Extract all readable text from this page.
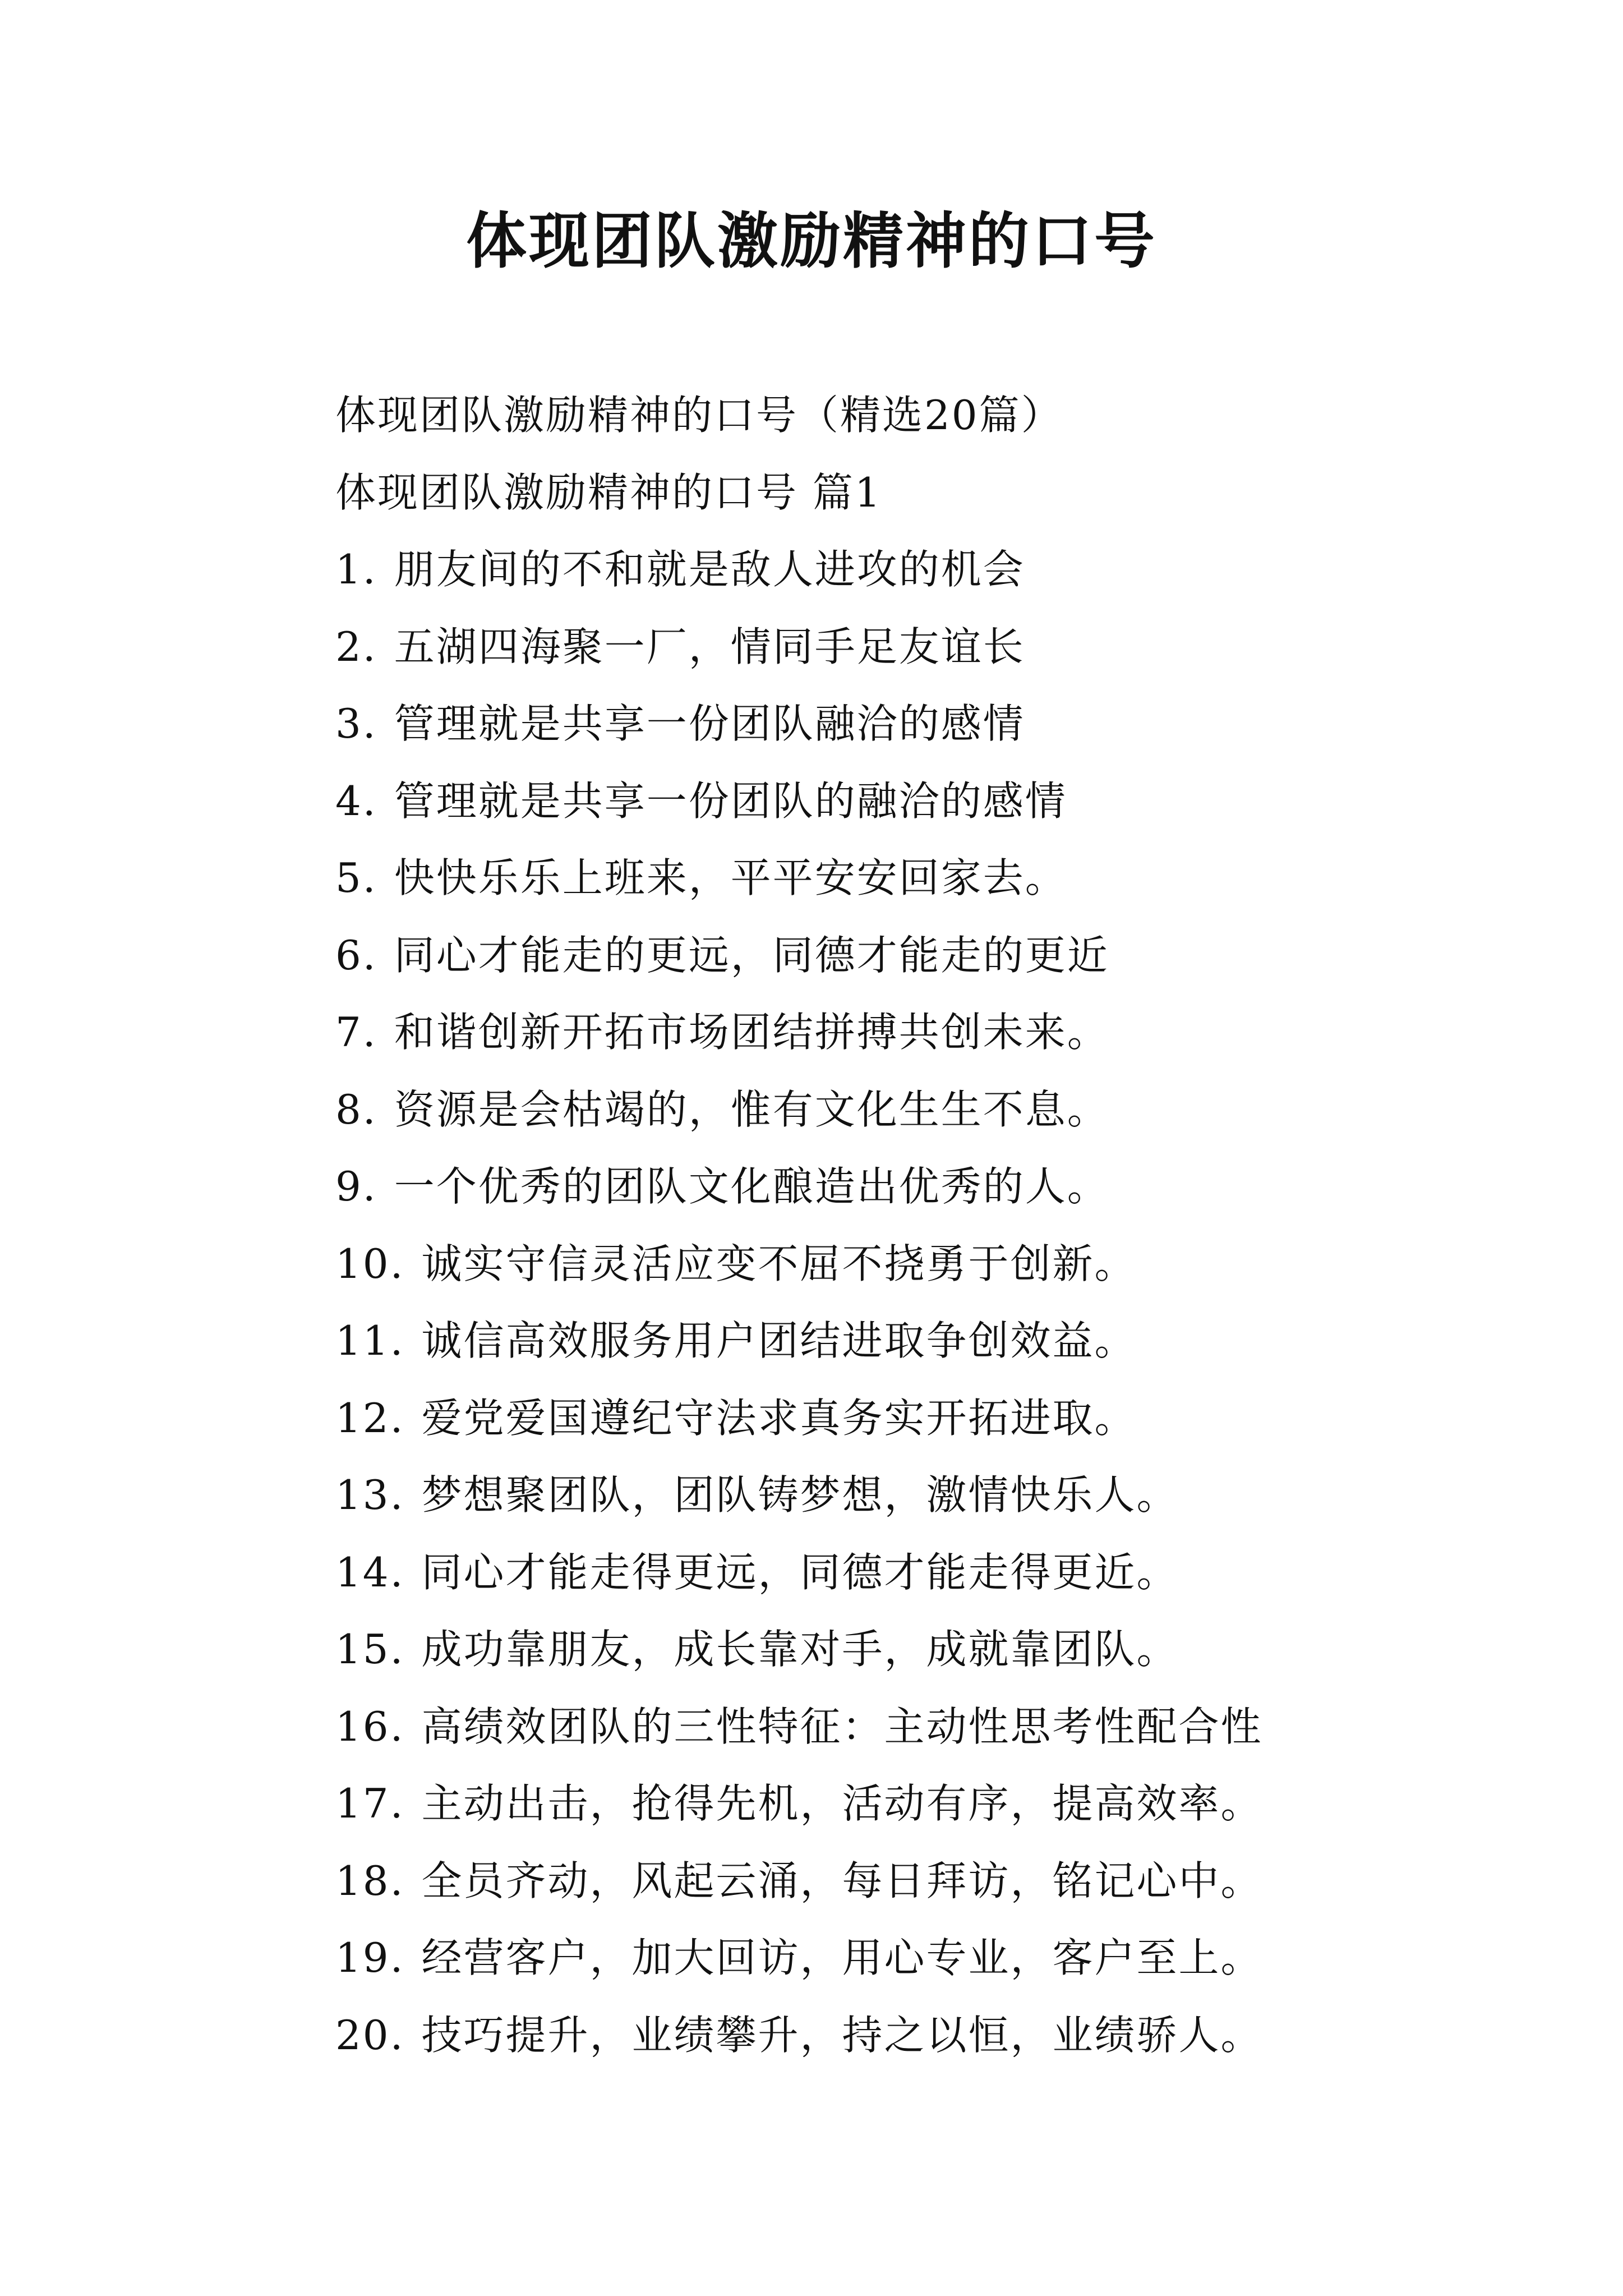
体现团队激励精神的口号
体现团队激励精神的口号（精选20篇）
体现团队激励精神的口号 篇1
1. 朋友间的不和就是敌人进攻的机会
2. 五湖四海聚一厂，情同手足友谊长
3. 管理就是共享一份团队融洽的感情
4. 管理就是共享一份团队的融洽的感情
5. 快快乐乐上班来，平平安安回家去。
6. 同心才能走的更远，同德才能走的更近
7. 和谐创新开拓市场团结拼搏共创未来。
8. 资源是会枯竭的，惟有文化生生不息。
9. 一个优秀的团队文化酿造出优秀的人。
10. 诚实守信灵活应变不屈不挠勇于创新。
11. 诚信高效服务用户团结进取争创效益。
12. 爱党爱国遵纪守法求真务实开拓进取。
13. 梦想聚团队，团队铸梦想，激情快乐人。
14. 同心才能走得更远，同德才能走得更近。
15. 成功靠朋友，成长靠对手，成就靠团队。
16. 高绩效团队的三性特征：主动性思考性配合性
17. 主动出击，抢得先机，活动有序，提高效率。
18. 全员齐动，风起云涌，每日拜访，铭记心中。
19. 经营客户，加大回访，用心专业，客户至上。
20. 技巧提升，业绩攀升，持之以恒，业绩骄人。
